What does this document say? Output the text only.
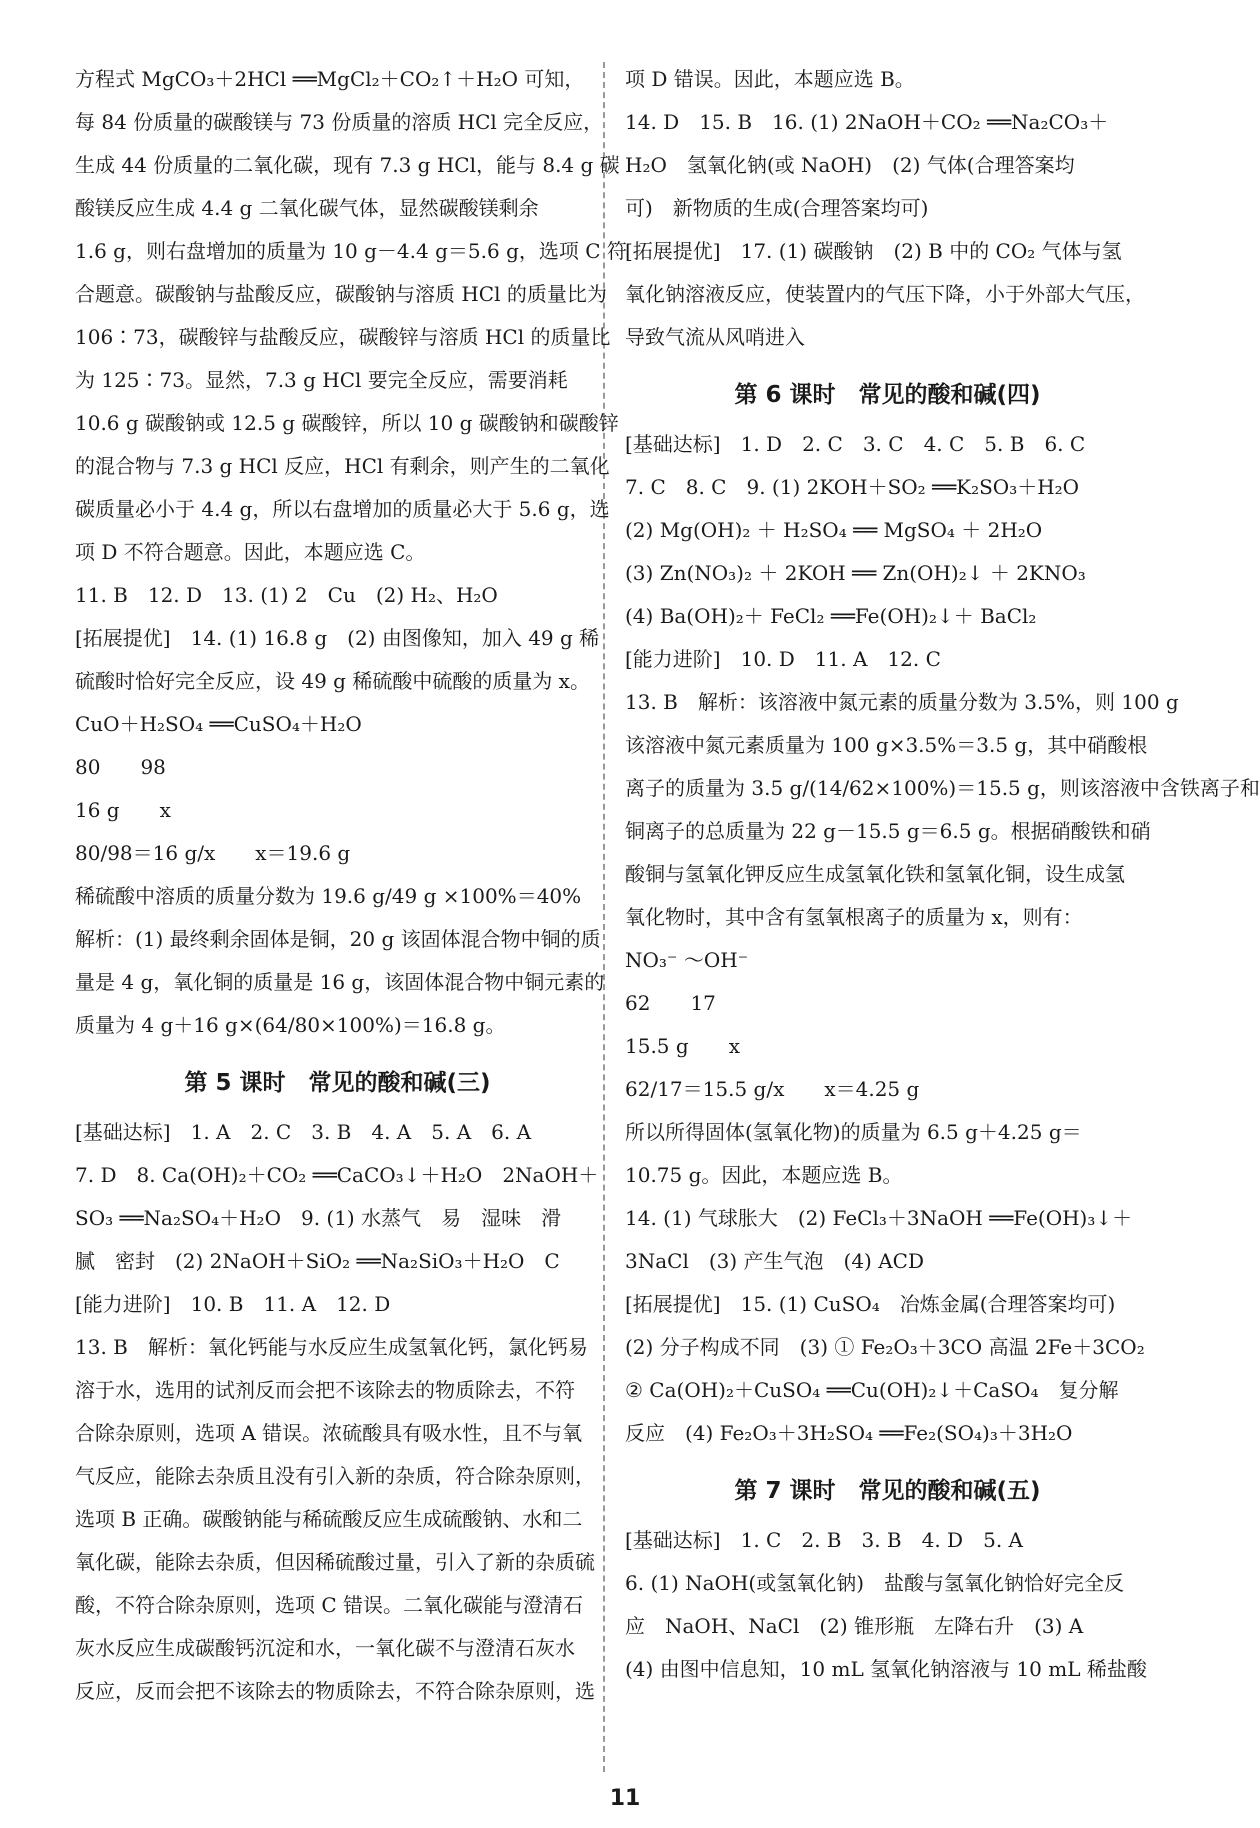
方程式 MgCO₃＋2HCl ══MgCl₂＋CO₂↑＋H₂O 可知，
每 84 份质量的碳酸镁与 73 份质量的溶质 HCl 完全反应，
生成 44 份质量的二氧化碳，现有 7.3 g HCl，能与 8.4 g 碳
酸镁反应生成 4.4 g 二氧化碳气体，显然碳酸镁剩余
1.6 g，则右盘增加的质量为 10 g－4.4 g＝5.6 g，选项 C 符
合题意。碳酸钠与盐酸反应，碳酸钠与溶质 HCl 的质量比为
106∶73，碳酸锌与盐酸反应，碳酸锌与溶质 HCl 的质量比
为 125∶73。显然，7.3 g HCl 要完全反应，需要消耗
10.6 g 碳酸钠或 12.5 g 碳酸锌，所以 10 g 碳酸钠和碳酸锌
的混合物与 7.3 g HCl 反应，HCl 有剩余，则产生的二氧化
碳质量必小于 4.4 g，所以右盘增加的质量必大于 5.6 g，选
项 D 不符合题意。因此，本题应选 C。
11. B　12. D　13. (1) 2　Cu　(2) H₂、H₂O
[拓展提优]　14. (1) 16.8 g　(2) 由图像知，加入 49 g 稀
硫酸时恰好完全反应，设 49 g 稀硫酸中硫酸的质量为 x。
CuO＋H₂SO₄ ══CuSO₄＋H₂O
80　　98
16 g　　x
80/98＝16 g/x　　x＝19.6 g
稀硫酸中溶质的质量分数为 19.6 g/49 g ×100%＝40%
解析：(1) 最终剩余固体是铜，20 g 该固体混合物中铜的质
量是 4 g，氧化铜的质量是 16 g，该固体混合物中铜元素的
质量为 4 g＋16 g×(64/80×100%)＝16.8 g。
第 5 课时　常见的酸和碱(三)
[基础达标]　1. A　2. C　3. B　4. A　5. A　6. A
7. D　8. Ca(OH)₂＋CO₂ ══CaCO₃↓＋H₂O　2NaOH＋
SO₃ ══Na₂SO₄＋H₂O　9. (1) 水蒸气　易　湿味　滑
腻　密封　(2) 2NaOH＋SiO₂ ══Na₂SiO₃＋H₂O　C
[能力进阶]　10. B　11. A　12. D
13. B　解析：氧化钙能与水反应生成氢氧化钙，氯化钙易
溶于水，选用的试剂反而会把不该除去的物质除去，不符
合除杂原则，选项 A 错误。浓硫酸具有吸水性，且不与氧
气反应，能除去杂质且没有引入新的杂质，符合除杂原则，
选项 B 正确。碳酸钠能与稀硫酸反应生成硫酸钠、水和二
氧化碳，能除去杂质，但因稀硫酸过量，引入了新的杂质硫
酸，不符合除杂原则，选项 C 错误。二氧化碳能与澄清石
灰水反应生成碳酸钙沉淀和水，一氧化碳不与澄清石灰水
反应，反而会把不该除去的物质除去，不符合除杂原则，选
项 D 错误。因此，本题应选 B。
14. D　15. B　16. (1) 2NaOH＋CO₂ ══Na₂CO₃＋
H₂O　氢氧化钠(或 NaOH)　(2) 气体(合理答案均
可)　新物质的生成(合理答案均可)
[拓展提优]　17. (1) 碳酸钠　(2) B 中的 CO₂ 气体与氢
氧化钠溶液反应，使装置内的气压下降，小于外部大气压，
导致气流从风哨进入
第 6 课时　常见的酸和碱(四)
[基础达标]　1. D　2. C　3. C　4. C　5. B　6. C
7. C　8. C　9. (1) 2KOH＋SO₂ ══K₂SO₃＋H₂O
(2) Mg(OH)₂ ＋ H₂SO₄ ══ MgSO₄ ＋ 2H₂O
(3) Zn(NO₃)₂ ＋ 2KOH ══ Zn(OH)₂↓ ＋ 2KNO₃
(4) Ba(OH)₂＋ FeCl₂ ══Fe(OH)₂↓＋ BaCl₂
[能力进阶]　10. D　11. A　12. C
13. B　解析：该溶液中氮元素的质量分数为 3.5%，则 100 g
该溶液中氮元素质量为 100 g×3.5%＝3.5 g，其中硝酸根
离子的质量为 3.5 g/(14/62×100%)＝15.5 g，则该溶液中含铁离子和
铜离子的总质量为 22 g－15.5 g＝6.5 g。根据硝酸铁和硝
酸铜与氢氧化钾反应生成氢氧化铁和氢氧化铜，设生成氢
氧化物时，其中含有氢氧根离子的质量为 x，则有：
NO₃⁻ ～OH⁻
62　　17
15.5 g　　x
62/17＝15.5 g/x　　x＝4.25 g
所以所得固体(氢氧化物)的质量为 6.5 g＋4.25 g＝
10.75 g。因此，本题应选 B。
14. (1) 气球胀大　(2) FeCl₃＋3NaOH ══Fe(OH)₃↓＋
3NaCl　(3) 产生气泡　(4) ACD
[拓展提优]　15. (1) CuSO₄　冶炼金属(合理答案均可)
(2) 分子构成不同　(3) ① Fe₂O₃＋3CO 高温 2Fe＋3CO₂
② Ca(OH)₂＋CuSO₄ ══Cu(OH)₂↓＋CaSO₄　复分解
反应　(4) Fe₂O₃＋3H₂SO₄ ══Fe₂(SO₄)₃＋3H₂O
第 7 课时　常见的酸和碱(五)
[基础达标]　1. C　2. B　3. B　4. D　5. A
6. (1) NaOH(或氢氧化钠)　盐酸与氢氧化钠恰好完全反
应　NaOH、NaCl　(2) 锥形瓶　左降右升　(3) A
(4) 由图中信息知，10 mL 氢氧化钠溶液与 10 mL 稀盐酸
11
